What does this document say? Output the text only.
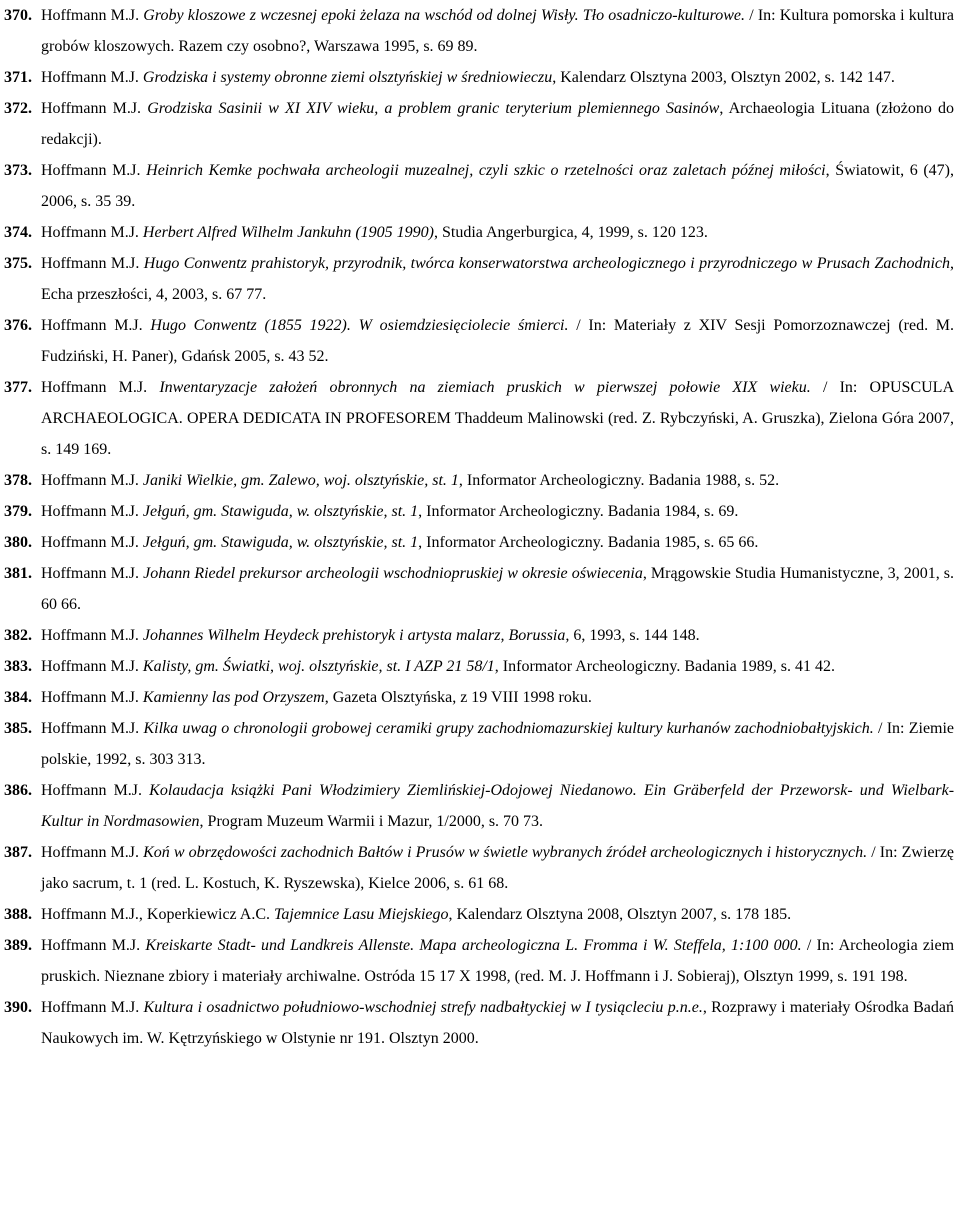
370. Hoffmann M.J. Groby kloszowe z wczesnej epoki żelaza na wschód od dolnej Wisły. Tło osadniczo-kulturowe. / In: Kultura pomorska i kultura grobów kloszowych. Razem czy osobno?, Warszawa 1995, s. 69 89.

371. Hoffmann M.J. Grodziska i systemy obronne ziemi olsztyńskiej w średniowieczu, Kalendarz Olsztyna 2003, Olsztyn 2002, s. 142 147.

372. Hoffmann M.J. Grodziska Sasinii w XI XIV wieku, a problem granic teryterium plemiennego Sasinów, Archaeologia Lituana (złożono do redakcji).

373. Hoffmann M.J. Heinrich Kemke pochwała archeologii muzealnej, czyli szkic o rzetelności oraz zaletach późnej miłości, Światowit, 6 (47), 2006, s. 35 39.

374. Hoffmann M.J. Herbert Alfred Wilhelm Jankuhn (1905 1990), Studia Angerburgica, 4, 1999, s. 120 123.

375. Hoffmann M.J. Hugo Conwentz prahistoryk, przyrodnik, twórca konserwatorstwa archeologicznego i przyrodniczego w Prusach Zachodnich, Echa przeszłości, 4, 2003, s. 67 77.

376. Hoffmann M.J. Hugo Conwentz (1855 1922). W osiemdziesięciolecie śmierci. / In: Materiały z XIV Sesji Pomorzoznawczej (red. M. Fudziński, H. Paner), Gdańsk 2005, s. 43 52.

377. Hoffmann M.J. Inwentaryzacje założeń obronnych na ziemiach pruskich w pierwszej połowie XIX wieku. / In: OPUSCULA ARCHAEOLOGICA. OPERA DEDICATA IN PROFESOREM Thaddeum Malinowski (red. Z. Rybczyński, A. Gruszka), Zielona Góra 2007, s. 149 169.

378. Hoffmann M.J. Janiki Wielkie, gm. Zalewo, woj. olsztyńskie, st. 1, Informator Archeologiczny. Badania 1988, s. 52.

379. Hoffmann M.J. Jełguń, gm. Stawiguda, w. olsztyńskie, st. 1, Informator Archeologiczny. Badania 1984, s. 69.

380. Hoffmann M.J. Jełguń, gm. Stawiguda, w. olsztyńskie, st. 1, Informator Archeologiczny. Badania 1985, s. 65 66.

381. Hoffmann M.J. Johann Riedel prekursor archeologii wschodniopruskiej w okresie oświecenia, Mrągowskie Studia Humanistyczne, 3, 2001, s. 60 66.

382. Hoffmann M.J. Johannes Wilhelm Heydeck prehistoryk i artysta malarz, Borussia, 6, 1993, s. 144 148.

383. Hoffmann M.J. Kalisty, gm. Światki, woj. olsztyńskie, st. I AZP 21 58/1, Informator Archeologiczny. Badania 1989, s. 41 42.

384. Hoffmann M.J. Kamienny las pod Orzyszem, Gazeta Olsztyńska, z 19 VIII 1998 roku.

385. Hoffmann M.J. Kilka uwag o chronologii grobowej ceramiki grupy zachodniomazurskiej kultury kurhanów zachodniobałtyjskich. / In: Ziemie polskie, 1992, s. 303 313.

386. Hoffmann M.J. Kolaudacja książki Pani Włodzimiery Ziemlińskiej-Odojowej Niedanowo. Ein Gräberfeld der Przeworsk- und Wielbark-Kultur in Nordmasowien, Program Muzeum Warmii i Mazur, 1/2000, s. 70 73.

387. Hoffmann M.J. Koń w obrzędowości zachodnich Bałtów i Prusów w świetle wybranych źródeł archeologicznych i historycznych. / In: Zwierzę jako sacrum, t. 1 (red. L. Kostuch, K. Ryszewska), Kielce 2006, s. 61 68.

388. Hoffmann M.J., Koperkiewicz A.C. Tajemnice Lasu Miejskiego, Kalendarz Olsztyna 2008, Olsztyn 2007, s. 178 185.

389. Hoffmann M.J. Kreiskarte Stadt- und Landkreis Allenste. Mapa archeologiczna L. Fromma i W. Steffela, 1:100 000. / In: Archeologia ziem pruskich. Nieznane zbiory i materiały archiwalne. Ostróda 15 17 X 1998, (red. M. J. Hoffmann i J. Sobieraj), Olsztyn 1999, s. 191 198.

390. Hoffmann M.J. Kultura i osadnictwo południowo-wschodniej strefy nadbałtyckiej w I tysiącleciu p.n.e., Rozprawy i materiały Ośrodka Badań Naukowych im. W. Kętrzyńskiego w Olstynie nr 191. Olsztyn 2000.
